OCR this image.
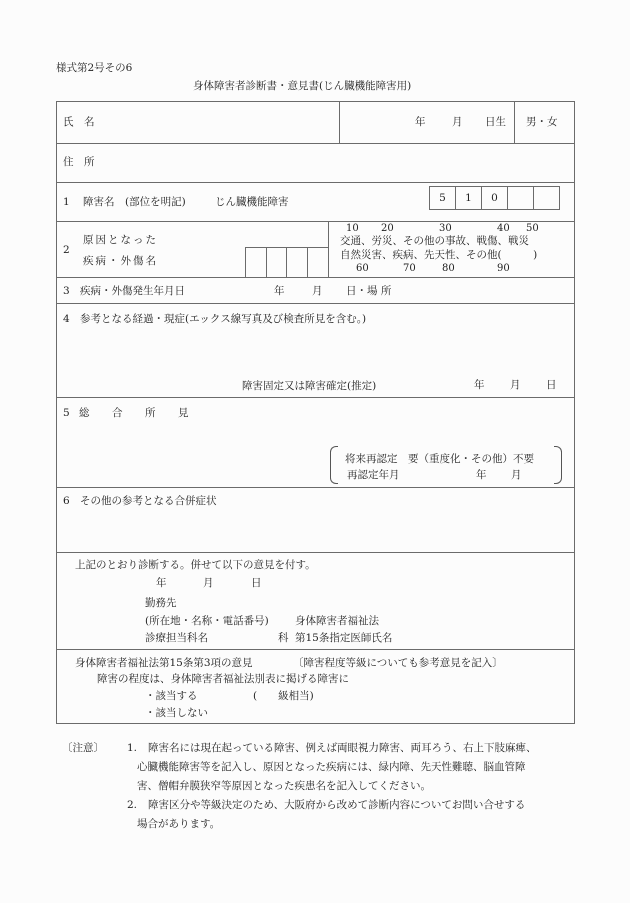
様式第2号その6
身体障害者診断書・意見書(じん臓機能障害用)
氏　名	年	月 日生 男・女
住　所
1 障害名　(部位を明記)	じん臓機能障害	5	1	0
2
原因となった
疾病・外傷名
10 20	30	40 50
交通、労災、その他の事故、戦傷、戦災
自然災害、疾病、先天性、その他(　　　)
60	70	80	90
3 疾病・外傷発生年月日	年	月 日・場 所
4 参考となる経過・現症(エックス線写真及び検査所見を含む。)
障害固定又は障害確定(推定)	年 月 日
5 総　合　所　見
将来再認定　要（重度化・その他）不要
再認定年月	年 月
6 その他の参考となる合併症状
上記のとおり診断する。併せて以下の意見を付す。
年	月	日
勤務先
(所在地・名称・電話番号)	身体障害者福祉法
診療担当科名	科 第15条指定医師氏名
身体障害者福祉法第15条第3項の意見	〔障害程度等級についても参考意見を記入〕
障害の程度は、身体障害者福祉法別表に掲げる障害に
・該当する	(　　級相当)
・該当しない
〔注意〕 1. 障害名には現在起っている障害、例えば両眼視力障害、両耳ろう、右上下肢麻痺、
心臓機能障害等を記入し、原因となった疾病には、緑内障、先天性難聴、脳血管障
害、僧帽弁膜狭窄等原因となった疾患名を記入してください。
2. 障害区分や等級決定のため、大阪府から改めて診断内容についてお問い合せする
場合があります。
